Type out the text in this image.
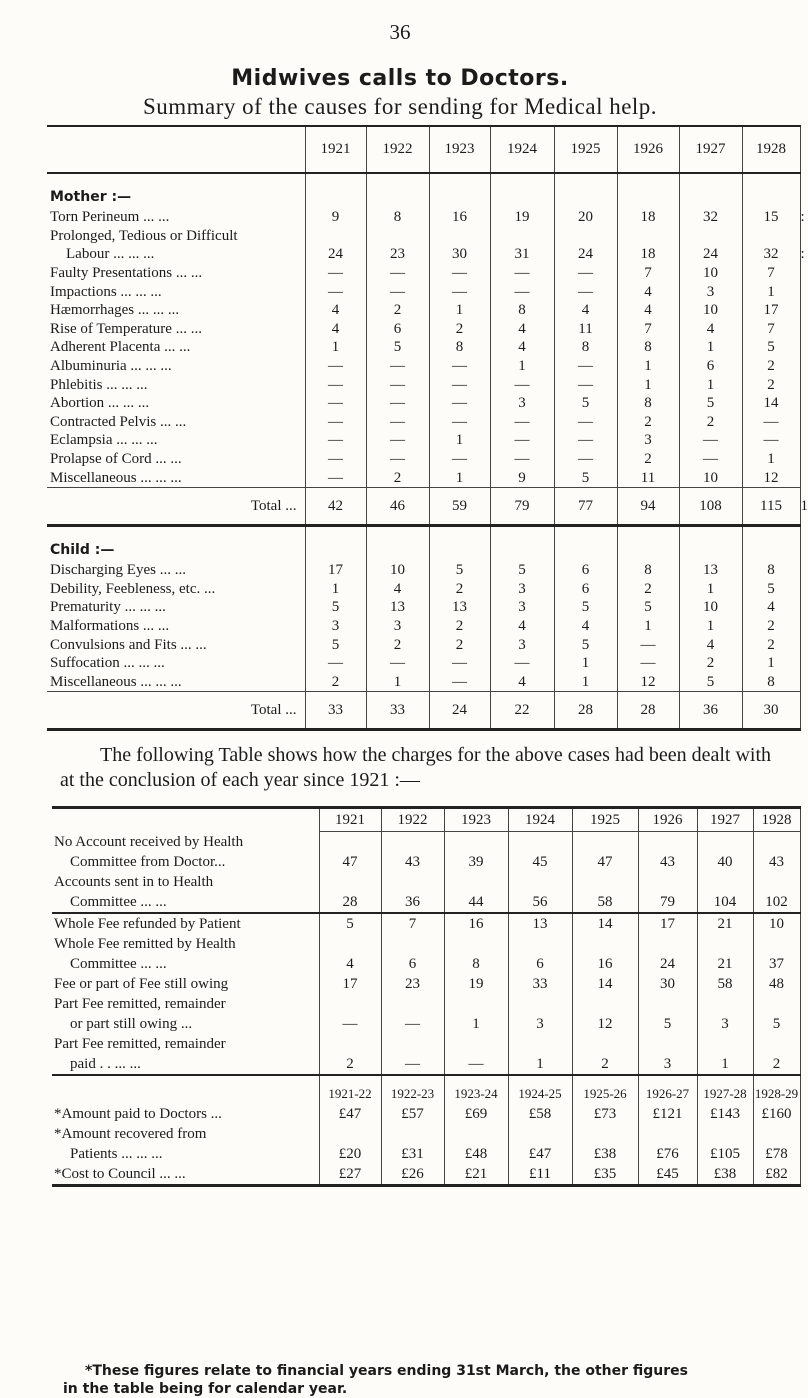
36
Midwives calls to Doctors.
Summary of the causes for sending for Medical help.
	1921	1922	1923	1924	1925	1926	1927	1928	
Mother :—									
Torn Perineum ... ...	9	8	16	19	20	18	32	15	:
Prolonged, Tedious or Difficult									
Labour ... ... ...	24	23	30	31	24	18	24	32	:
Faulty Presentations ... ...	—	—	—	—	—	7	10	7	
Impactions ... ... ...	—	—	—	—	—	4	3	1	
Hæmorrhages ... ... ...	4	2	1	8	4	4	10	17	
Rise of Temperature ... ...	4	6	2	4	11	7	4	7	
Adherent Placenta ... ...	1	5	8	4	8	8	1	5	
Albuminuria ... ... ...	—	—	—	1	—	1	6	2	
Phlebitis ... ... ...	—	—	—	—	—	1	1	2	
Abortion ... ... ...	—	—	—	3	5	8	5	14	
Contracted Pelvis ... ...	—	—	—	—	—	2	2	—	
Eclampsia ... ... ...	—	—	1	—	—	3	—	—	
Prolapse of Cord ... ...	—	—	—	—	—	2	—	1	
Miscellaneous ... ... ...	—	2	1	9	5	11	10	12	
Total ...	42	46	59	79	77	94	108	115	1
Child :—									
Discharging Eyes ... ...	17	10	5	5	6	8	13	8	
Debility, Feebleness, etc. ...	1	4	2	3	6	2	1	5	
Prematurity ... ... ...	5	13	13	3	5	5	10	4	
Malformations ... ...	3	3	2	4	4	1	1	2	
Convulsions and Fits ... ...	5	2	2	3	5	—	4	2	
Suffocation ... ... ...	—	—	—	—	1	—	2	1	
Miscellaneous ... ... ...	2	1	—	4	1	12	5	8	
Total ...	33	33	24	22	28	28	36	30	
The following Table shows how the charges for the above cases had been dealt with at the conclusion of each year since 1921 :—
	1921	1922	1923	1924	1925	1926	1927	1928	

No Account received by Health
Committee from Doctor...	47	43	39	45	47	43	40	43	

Accounts sent in to Health
Committee ... ...	28	36	44	56	58	79	104	102	

Whole Fee refunded by Patient	5	7	16	13	14	17	21	10	

Whole Fee remitted by Health
Committee ... ...	4	6	8	6	16	24	21	37	

Fee or part of Fee still owing	17	23	19	33	14	30	58	48	

Part Fee remitted, remainder
or part still owing ...	—	—	1	3	12	5	3	5	

Part Fee remitted, remainder
paid . . ... ...	2	—	—	1	2	3	1	2	
	1921-22	1922-23	1923-24	1924-25	1925-26	1926-27	1927-28	1928-29	
*Amount paid to Doctors ...	£47	£57	£69	£58	£73	£121	£143	£160	
*Amount recovered from									
Patients ... ... ...	£20	£31	£48	£47	£38	£76	£105	£78	
*Cost to Council ... ...	£27	£26	£21	£11	£35	£45	£38	£82	
*These figures relate to financial years ending 31st March, the other figures
in the table being for calendar year.
